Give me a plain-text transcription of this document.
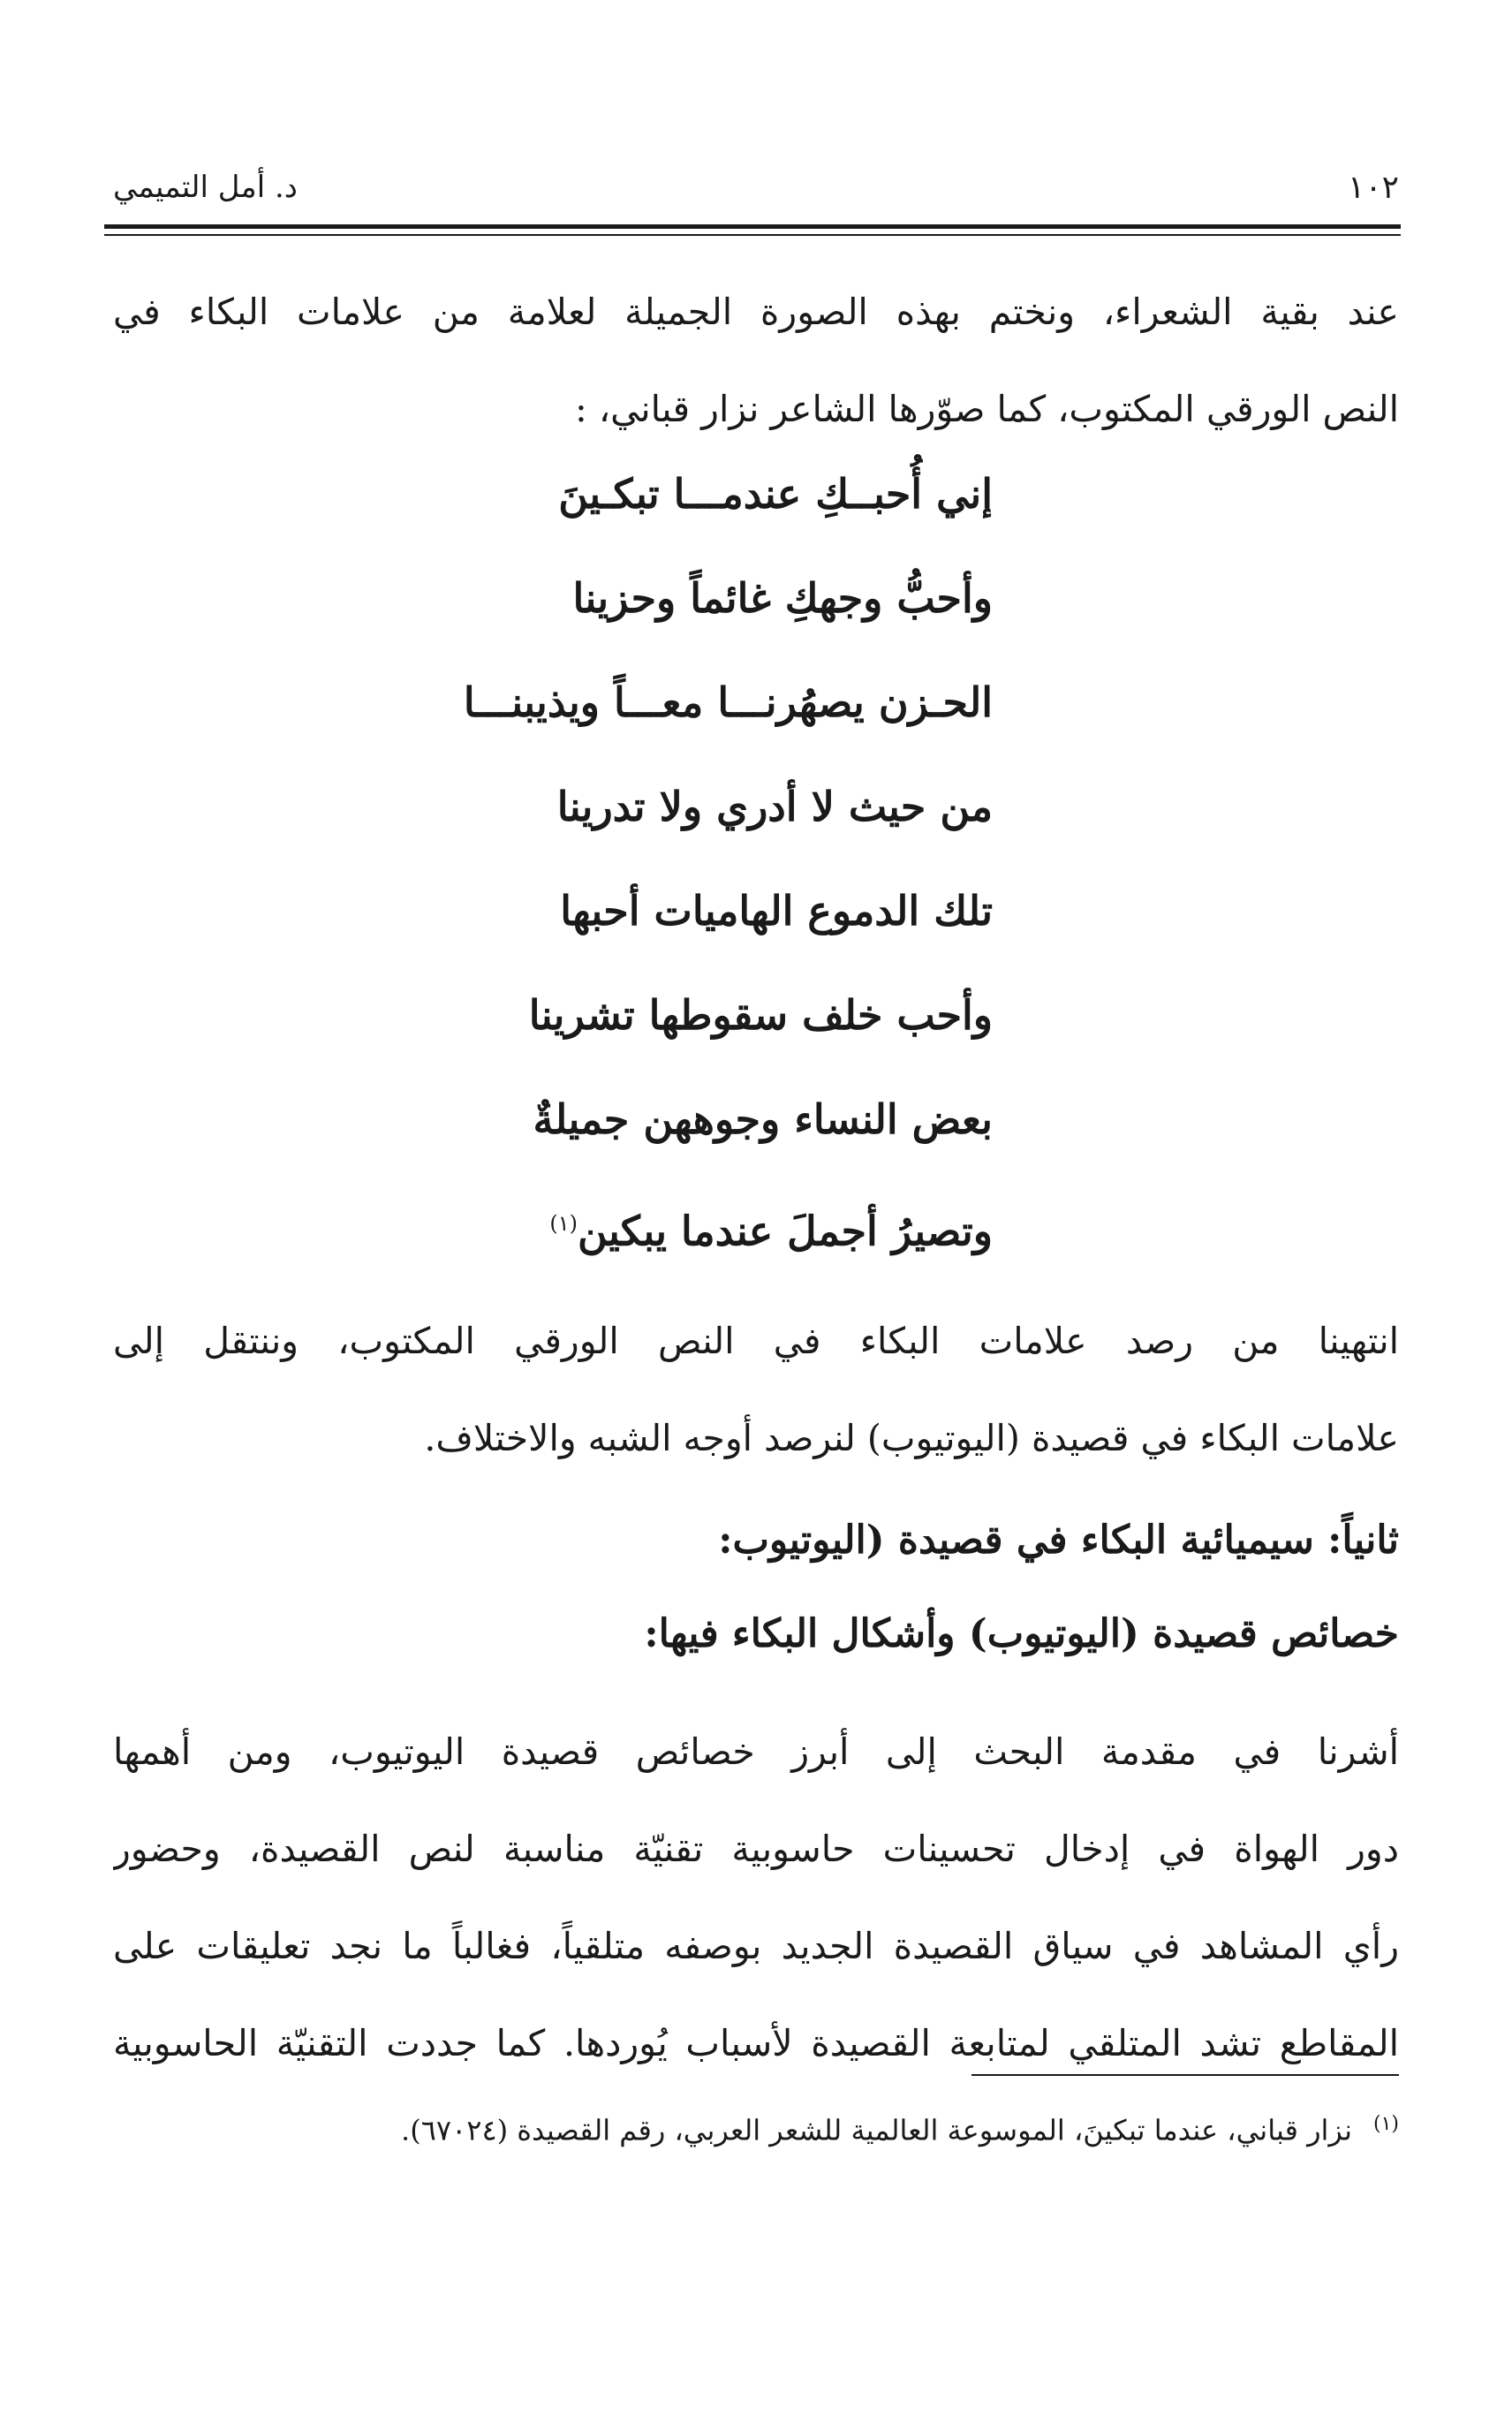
١٠٢
د. أمل التميمي
عند بقية الشعراء، ونختم بهذه الصورة الجميلة لعلامة من علامات البكاء في
النص الورقي المكتوب، كما صوّرها الشاعر نزار قباني، :
إني أُحبــكِ عندمـــا تبكـينَ
وأحبُّ وجهكِ غائماً وحزينا
الحـزن يصهُرنـــا معـــاً ويذيبنـــا
من حيث لا أدري ولا تدرينا
تلك الدموع الهاميات أحبها
وأحب خلف سقوطها تشرينا
بعض النساء وجوههن جميلةٌ
وتصيرُ أجملَ عندما يبكين$^{(١)}$
انتهينا من رصد علامات البكاء في النص الورقي المكتوب، وننتقل إلى
علامات البكاء في قصيدة (اليوتيوب) لنرصد أوجه الشبه والاختلاف.
ثانياً: سيميائية البكاء في قصيدة (اليوتيوب:
خصائص قصيدة (اليوتيوب) وأشكال البكاء فيها:
أشرنا في مقدمة البحث إلى أبرز خصائص قصيدة اليوتيوب، ومن أهمها
دور الهواة في إدخال تحسينات حاسوبية تقنيّة مناسبة لنص القصيدة، وحضور
رأي المشاهد في سياق القصيدة الجديد بوصفه متلقياً، فغالباً ما نجد تعليقات على
المقاطع تشد المتلقي لمتابعة القصيدة لأسباب يُوردها. كما جددت التقنيّة الحاسوبية
$^{(١)}$نزار قباني، عندما تبكينَ، الموسوعة العالمية للشعر العربي، رقم القصيدة (٦٧٠٢٤).
